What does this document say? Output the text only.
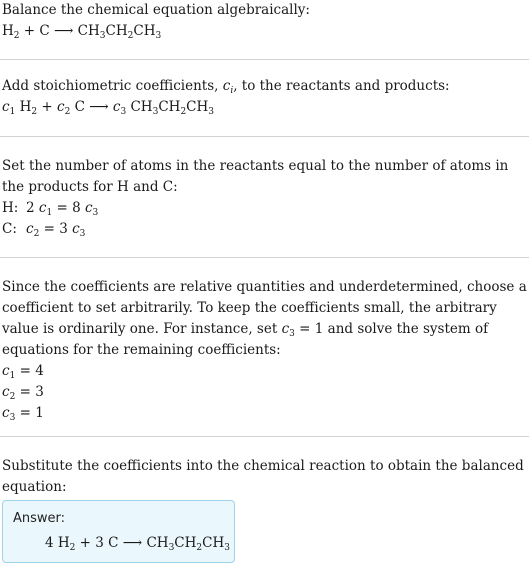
Balance the chemical equation algebraically:
$H_2 + C$ ⟶ $CH_3CH_2CH_3$
Add stoichiometric coefficients, $c_i$, to the reactants and products:
$c_1$ $H_2 + c_2$ C ⟶ $c_3$ $CH_3CH_2CH_3$
Set the number of atoms in the reactants equal to the number of atoms in the products for H and C:
H: 2 $c_1 = 8$ $c_3$
C: $c_2 = 3$ $c_3$
Since the coefficients are relative quantities and underdetermined, choose a coefficient to set arbitrarily. To keep the coefficients small, the arbitrary value is ordinarily one. For instance, set $c_3 = 1$ and solve the system of equations for the remaining coefficients:
$c_1 = 4$
$c_2 = 3$
$c_3 = 1$
Substitute the coefficients into the chemical reaction to obtain the balanced equation:
Answer:
4 $H_2 + 3$ C ⟶ $CH_3CH_2CH_3$
